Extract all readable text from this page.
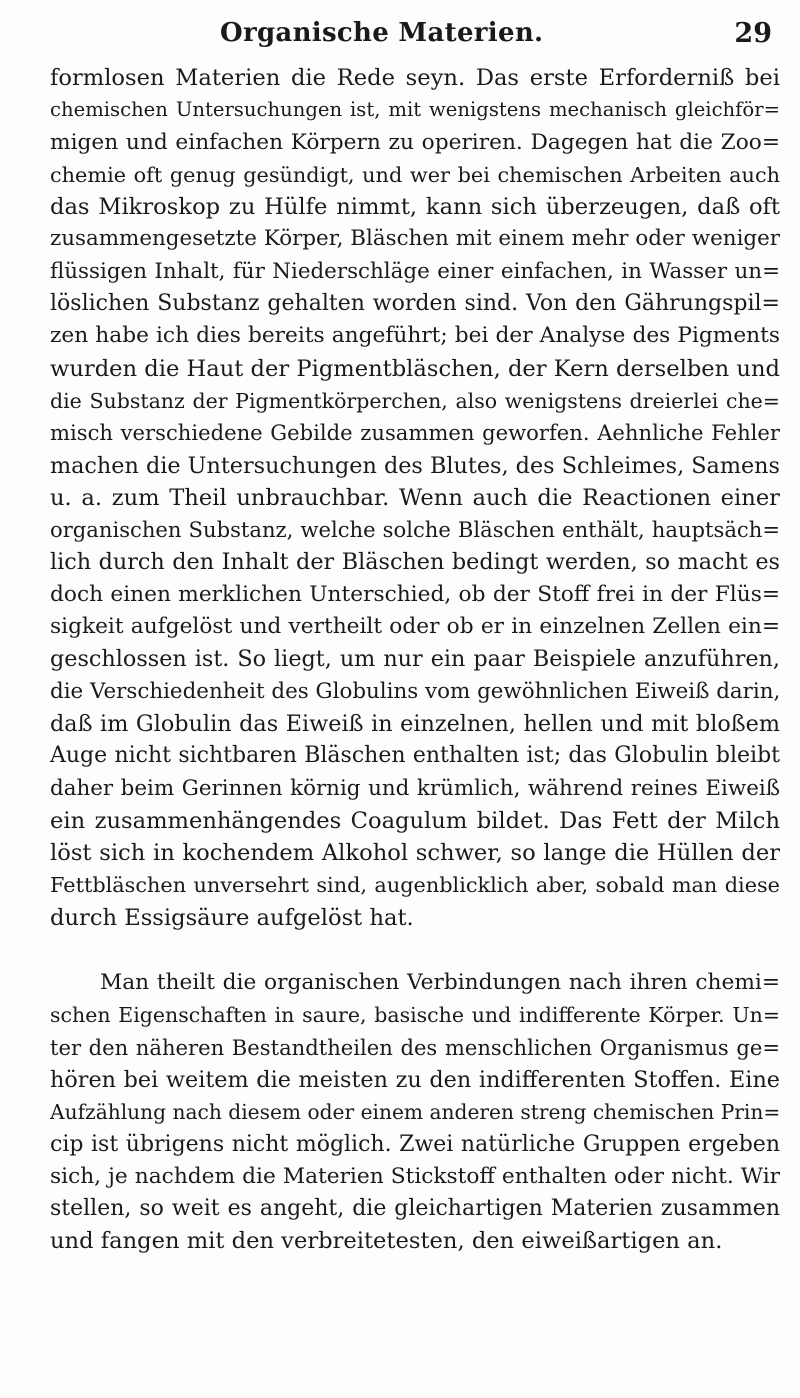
Organische Materien.	29
formlosen Materien die Rede seyn. Das erste Erforderniß bei
chemischen Untersuchungen ist, mit wenigstens mechanisch gleichför=
migen und einfachen Körpern zu operiren. Dagegen hat die Zoo=
chemie oft genug gesündigt, und wer bei chemischen Arbeiten auch
das Mikroskop zu Hülfe nimmt, kann sich überzeugen, daß oft
zusammengesetzte Körper, Bläschen mit einem mehr oder weniger
flüssigen Inhalt, für Niederschläge einer einfachen, in Wasser un=
löslichen Substanz gehalten worden sind. Von den Gährungspil=
zen habe ich dies bereits angeführt; bei der Analyse des Pigments
wurden die Haut der Pigmentbläschen, der Kern derselben und
die Substanz der Pigmentkörperchen, also wenigstens dreierlei che=
misch verschiedene Gebilde zusammen geworfen. Aehnliche Fehler
machen die Untersuchungen des Blutes, des Schleimes, Samens
u. a. zum Theil unbrauchbar. Wenn auch die Reactionen einer
organischen Substanz, welche solche Bläschen enthält, hauptsäch=
lich durch den Inhalt der Bläschen bedingt werden, so macht es
doch einen merklichen Unterschied, ob der Stoff frei in der Flüs=
sigkeit aufgelöst und vertheilt oder ob er in einzelnen Zellen ein=
geschlossen ist. So liegt, um nur ein paar Beispiele anzuführen,
die Verschiedenheit des Globulins vom gewöhnlichen Eiweiß darin,
daß im Globulin das Eiweiß in einzelnen, hellen und mit bloßem
Auge nicht sichtbaren Bläschen enthalten ist; das Globulin bleibt
daher beim Gerinnen körnig und krümlich, während reines Eiweiß
ein zusammenhängendes Coagulum bildet. Das Fett der Milch
löst sich in kochendem Alkohol schwer, so lange die Hüllen der
Fettbläschen unversehrt sind, augenblicklich aber, sobald man diese
durch Essigsäure aufgelöst hat.
Man theilt die organischen Verbindungen nach ihren chemi=
schen Eigenschaften in saure, basische und indifferente Körper. Un=
ter den näheren Bestandtheilen des menschlichen Organismus ge=
hören bei weitem die meisten zu den indifferenten Stoffen. Eine
Aufzählung nach diesem oder einem anderen streng chemischen Prin=
cip ist übrigens nicht möglich. Zwei natürliche Gruppen ergeben
sich, je nachdem die Materien Stickstoff enthalten oder nicht. Wir
stellen, so weit es angeht, die gleichartigen Materien zusammen
und fangen mit den verbreitetesten, den eiweißartigen an.
